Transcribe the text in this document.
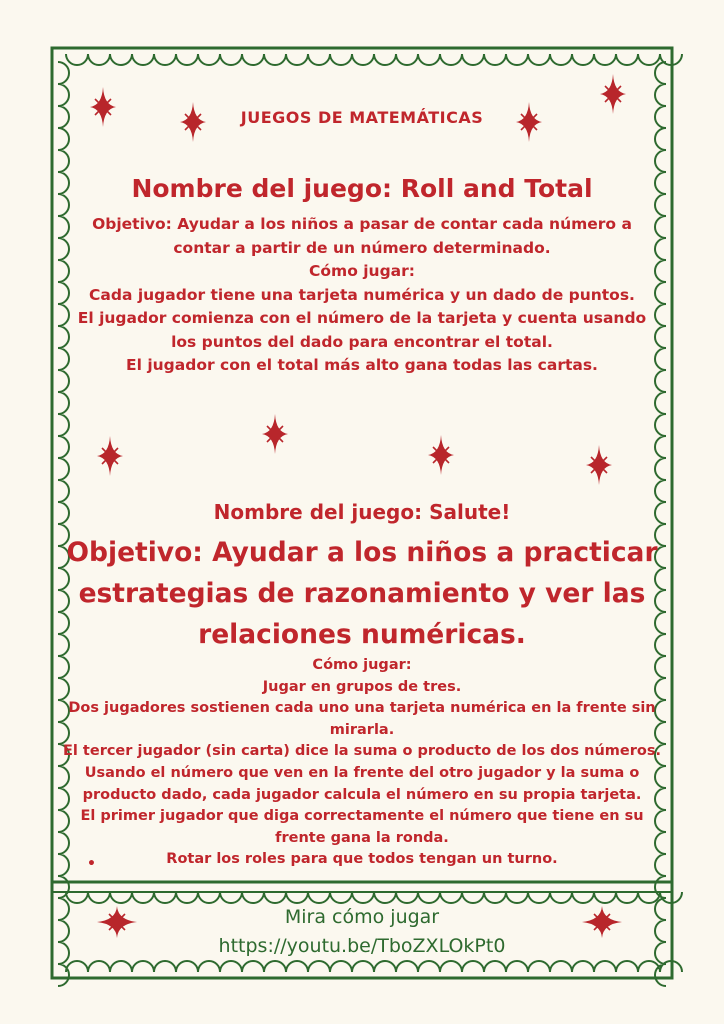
JUEGOS DE MATEMÁTICAS
Nombre del juego: Roll and Total
Objetivo: Ayudar a los niños a pasar de contar cada número a
contar a partir de un número determinado.
Cómo jugar:
Cada jugador tiene una tarjeta numérica y un dado de puntos.
El jugador comienza con el número de la tarjeta y cuenta usando
los puntos del dado para encontrar el total.
El jugador con el total más alto gana todas las cartas.
Nombre del juego: Salute!
Objetivo: Ayudar a los niños a practicar
estrategias de razonamiento y ver las
relaciones numéricas.
Cómo jugar:
Jugar en grupos de tres.
Dos jugadores sostienen cada uno una tarjeta numérica en la frente sin
mirarla.
El tercer jugador (sin carta) dice la suma o producto de los dos números.
Usando el número que ven en la frente del otro jugador y la suma o
producto dado, cada jugador calcula el número en su propia tarjeta.
El primer jugador que diga correctamente el número que tiene en su
frente gana la ronda.
Rotar los roles para que todos tengan un turno.
•
Mira cómo jugar
https://youtu.be/TboZXLOkPt0
